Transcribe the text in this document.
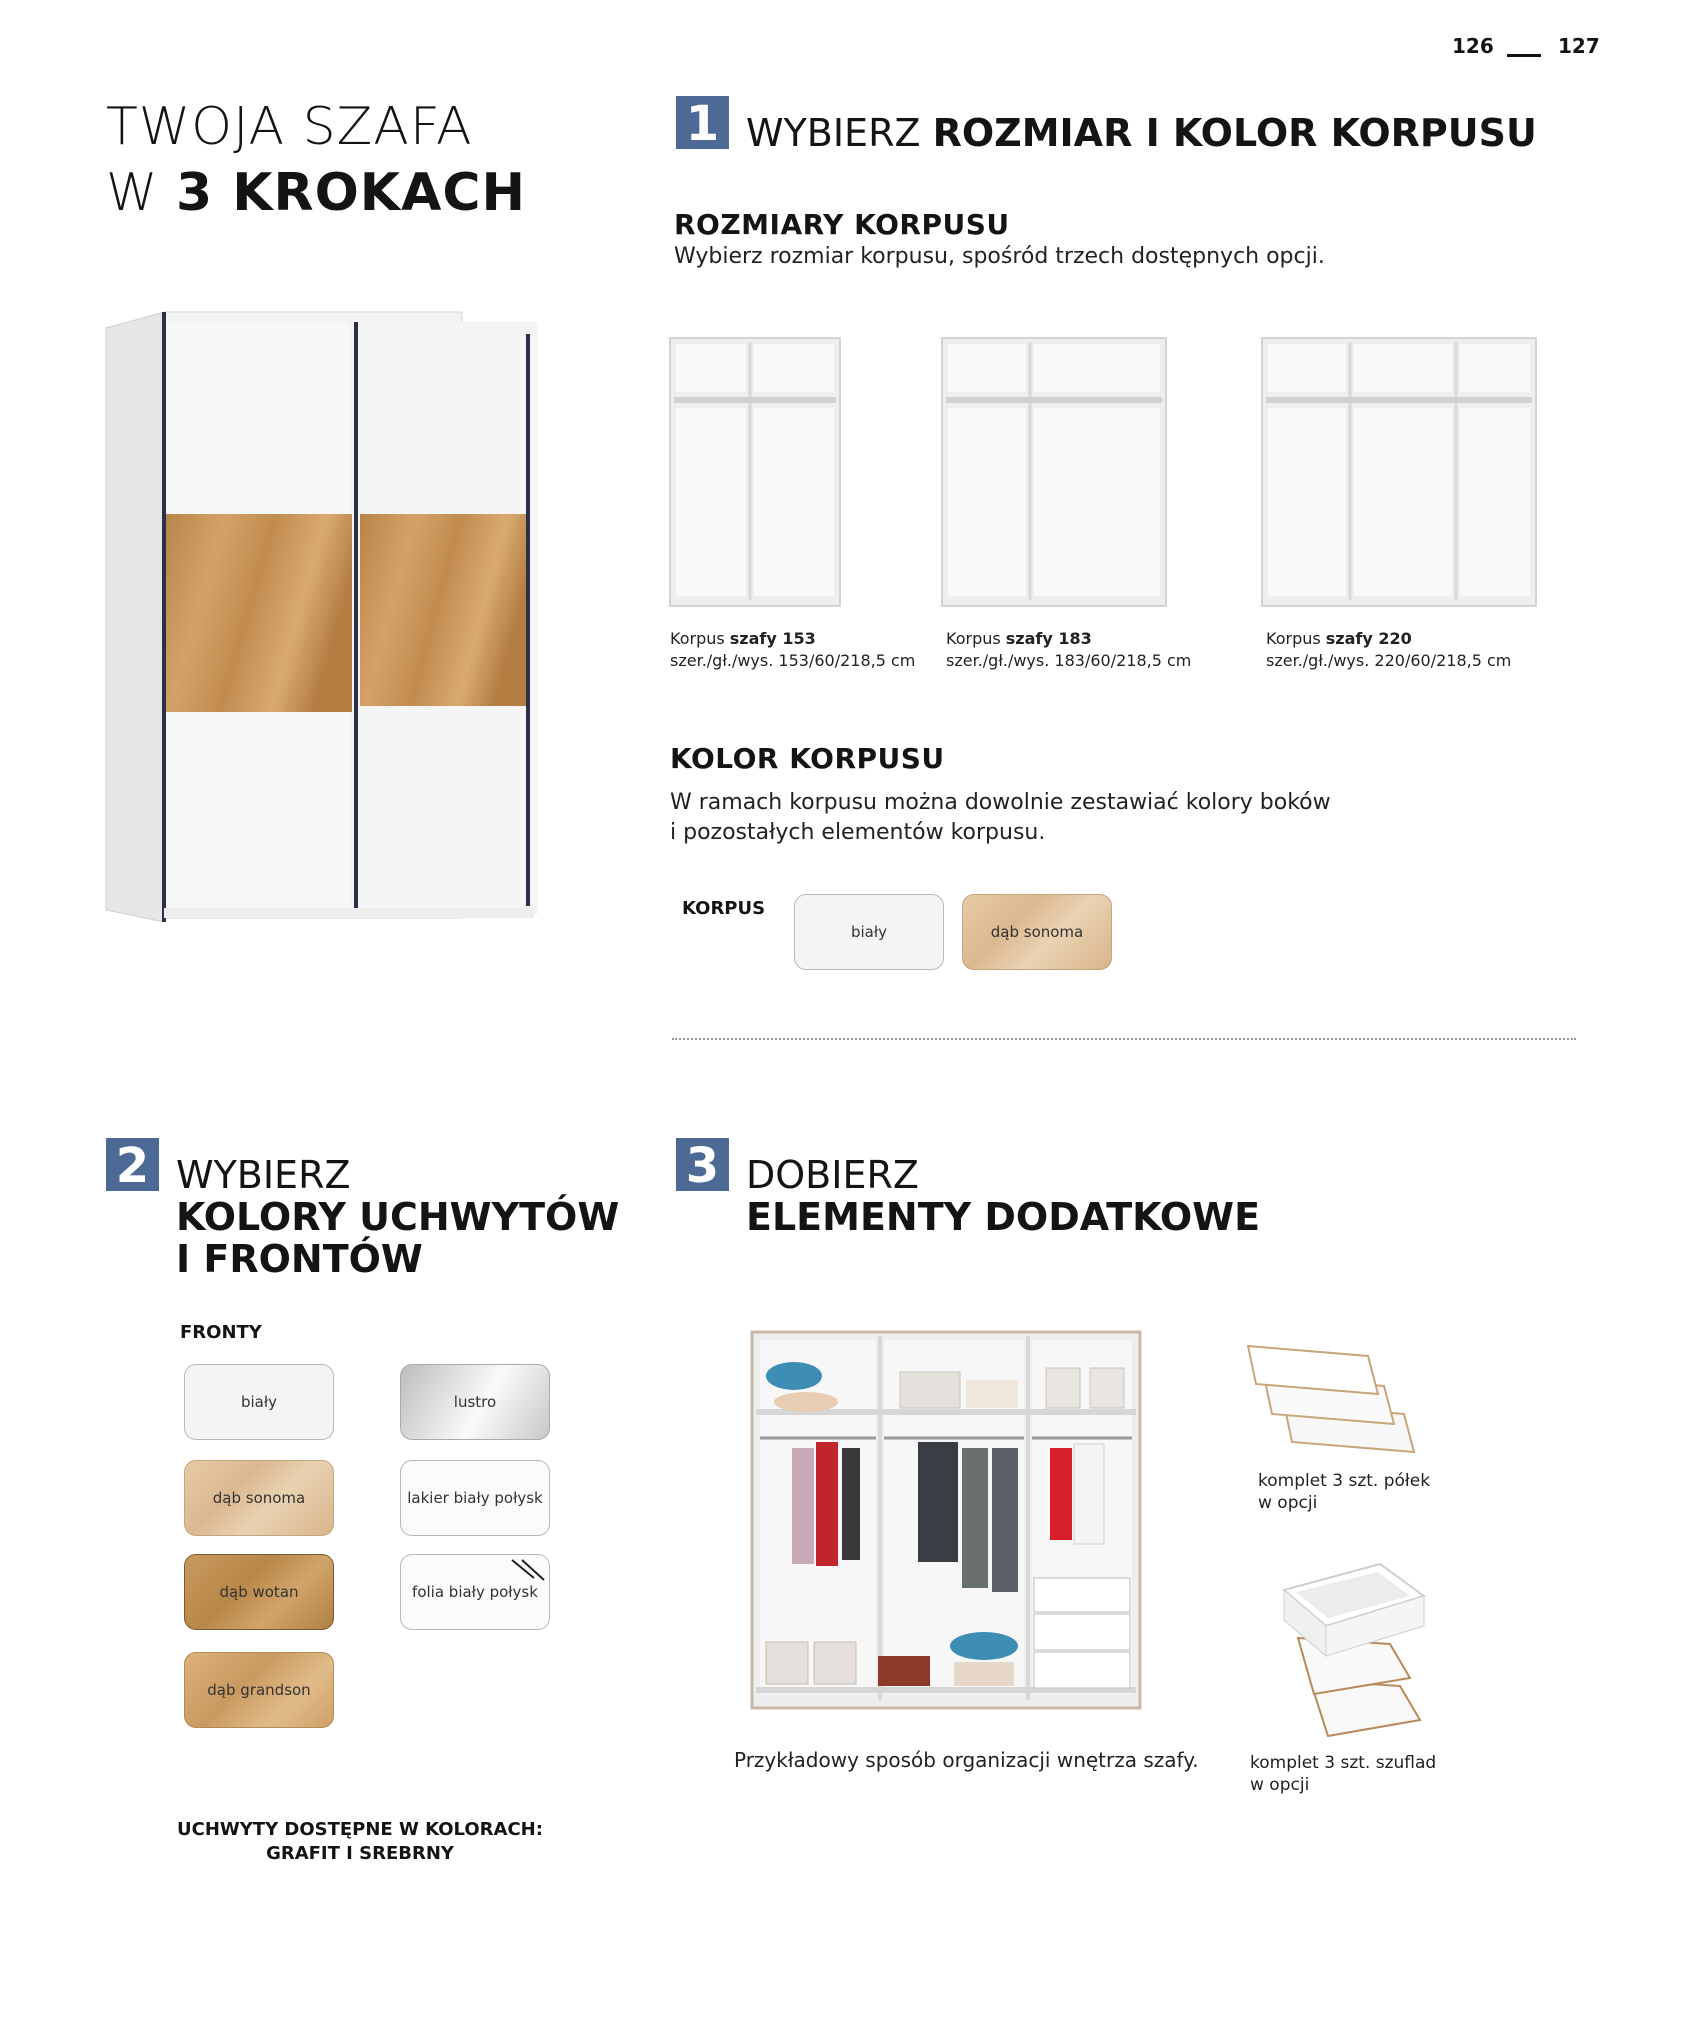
126	127
TWOJA SZAFA
W 3 KROKACH
1 WYBIERZ ROZMIAR I KOLOR KORPUSU
ROZMIARY KORPUSU
Wybierz rozmiar korpusu, spośród trzech dostępnych opcji.
Korpus szafy 153
szer./gł./wys. 153/60/218,5 cm
Korpus szafy 183
szer./gł./wys. 183/60/218,5 cm
Korpus szafy 220
szer./gł./wys. 220/60/218,5 cm
KOLOR KORPUSU
W ramach korpusu można dowolnie zestawiać kolory boków
i pozostałych elementów korpusu.
KORPUS
biały	dąb sonoma
2 WYBIERZ
KOLORY UCHWYTÓW
I FRONTÓW
FRONTY
biały
dąb sonoma
dąb wotan
dąb grandson
lustro
lakier biały połysk
folia biały połysk
UCHWYTY DOSTĘPNE W KOLORACH:
GRAFIT I SREBRNY
3 DOBIERZ
ELEMENTY DODATKOWE
Przykładowy sposób organizacji wnętrza szafy.
komplet 3 szt. półek
w opcji
komplet 3 szt. szuflad
w opcji
